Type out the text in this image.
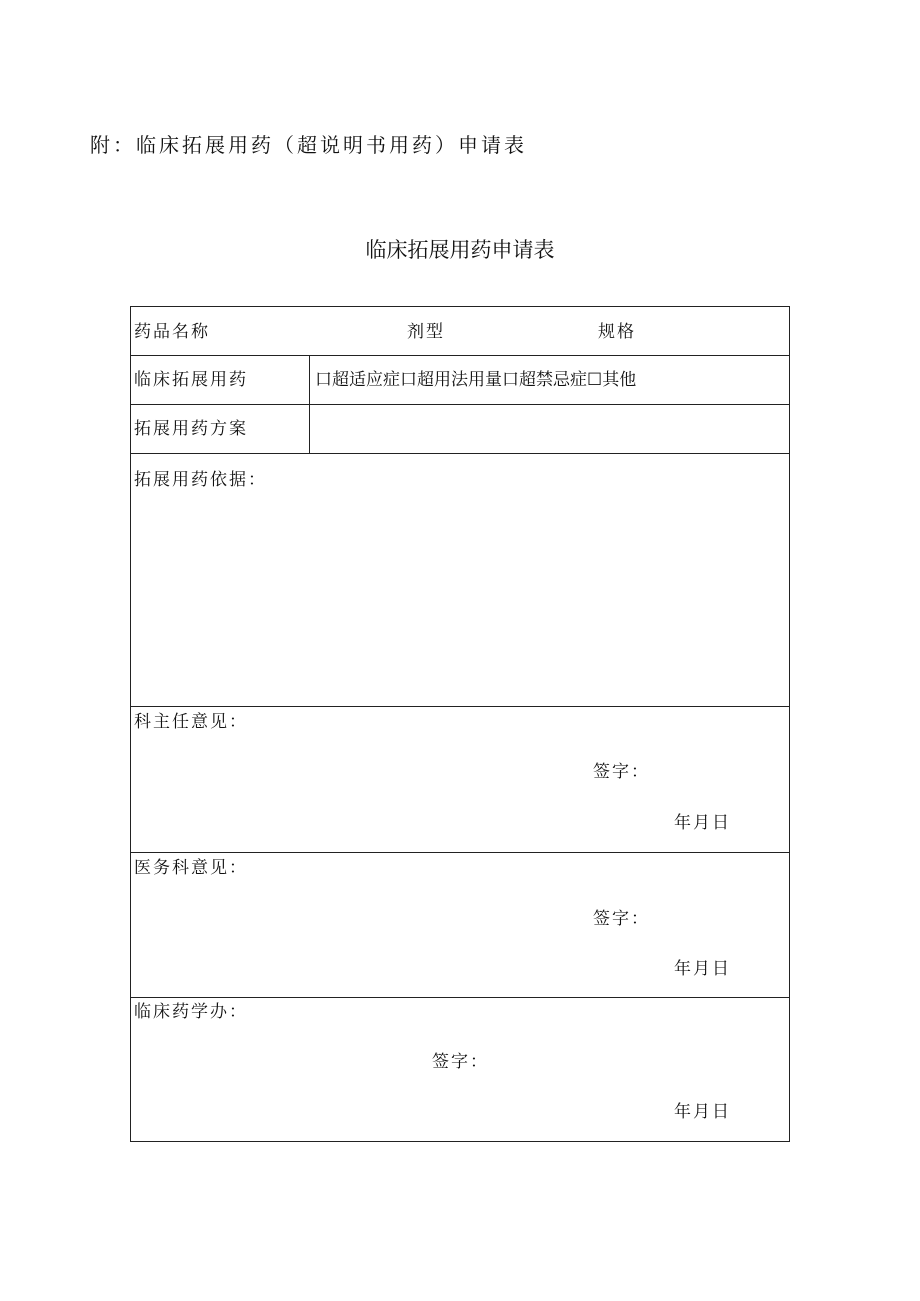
附：临床拓展用药（超说明书用药）申请表
临床拓展用药申请表
药品名称	剂型	规格
临床拓展用药	口超适应症口超用法用量口超禁忌症☐其他
拓展用药方案
拓展用药依据：
科主任意见：
签字：
年月日
医务科意见：
签字：
年月日
临床药学办：
签字：
年月日
